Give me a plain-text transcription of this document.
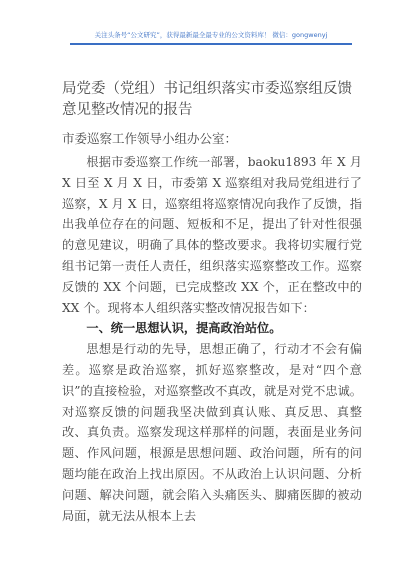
关注头条号“公文研究”，获得最新最全最专业的公文资料库！ 微信：gongwenyj
局党委（党组）书记组织落实市委巡察组反馈意见整改情况的报告
市委巡察工作领导小组办公室：

根据市委巡察工作统一部署，baoku1893 年 X 月 X 日至 X 月 X 日，市委第 X 巡察组对我局党组进行了巡察，X 月 X 日，巡察组将巡察情况向我作了反馈，指出我单位存在的问题、短板和不足，提出了针对性很强的意见建议，明确了具体的整改要求。我将切实履行党组书记第一责任人责任，组织落实巡察整改工作。巡察反馈的 XX 个问题，已完成整改 XX 个，正在整改中的 XX 个。现将本人组织落实整改情况报告如下：

一、统一思想认识，提高政治站位。

思想是行动的先导，思想正确了，行动才不会有偏差。巡察是政治巡察，抓好巡察整改，是对“四个意识”的直接检验，对巡察整改不真改，就是对党不忠诚。对巡察反馈的问题我坚决做到真认账、真反思、真整改、真负责。巡察发现这样那样的问题，表面是业务问题、作风问题，根源是思想问题、政治问题，所有的问题均能在政治上找出原因。不从政治上认识问题、分析问题、解决问题，就会陷入头痛医头、脚痛医脚的被动局面，就无法从根本上去
